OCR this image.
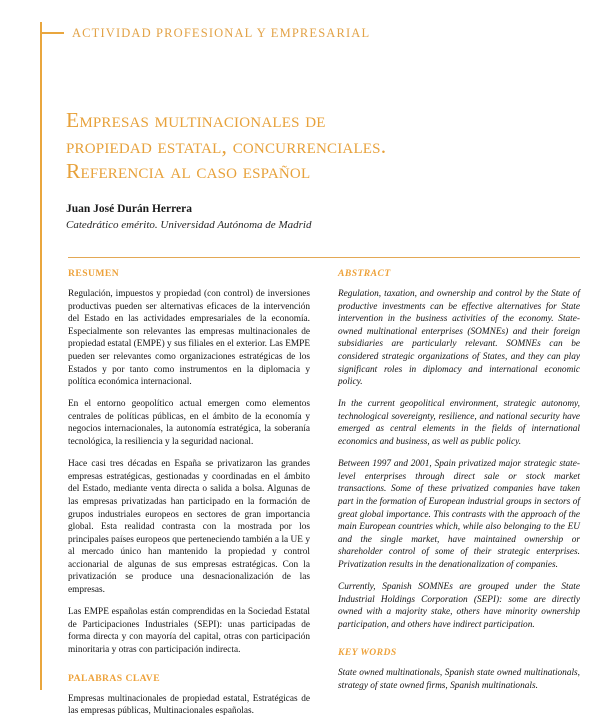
ACTIVIDAD PROFESIONAL Y EMPRESARIAL
Empresas multinacionales de
propiedad estatal, concurrenciales.
Referencia al caso español

Juan José Durán Herrera

Catedrático emérito. Universidad Autónoma de Madrid

RESUMEN

Regulación, impuestos y propiedad (con control) de inversiones productivas pueden ser alternativas eficaces de la intervención del Estado en las actividades empresariales de la economía. Especialmente son relevantes las empresas multinacionales de propiedad estatal (EMPE) y sus filiales en el exterior. Las EMPE pueden ser relevantes como organizaciones estratégicas de los Estados y por tanto como instrumentos en la diplomacia y política económica internacional.

En el entorno geopolítico actual emergen como elementos centrales de políticas públicas, en el ámbito de la economía y negocios internacionales, la autonomía estratégica, la soberanía tecnológica, la resiliencia y la seguridad nacional.

Hace casi tres décadas en España se privatizaron las grandes empresas estratégicas, gestionadas y coordinadas en el ámbito del Estado, mediante venta directa o salida a bolsa. Algunas de las empresas privatizadas han participado en la formación de grupos industriales europeos en sectores de gran importancia global. Esta realidad contrasta con la mostrada por los principales países europeos que perteneciendo también a la UE y al mercado único han mantenido la propiedad y control accionarial de algunas de sus empresas estratégicas. Con la privatización se produce una desnacionalización de las empresas.

Las EMPE españolas están comprendidas en la Sociedad Estatal de Participaciones Industriales (SEPI): unas participadas de forma directa y con mayoría del capital, otras con participación minoritaria y otras con participación indirecta.

PALABRAS CLAVE

Empresas multinacionales de propiedad estatal, Estratégicas de las empresas públicas, Multinacionales españolas.

ABSTRACT

Regulation, taxation, and ownership and control by the State of productive investments can be effective alternatives for State intervention in the business activities of the economy. State-owned multinational enterprises (SOMNEs) and their foreign subsidiaries are particularly relevant. SOMNEs can be considered strategic organizations of States, and they can play significant roles in diplomacy and international economic policy.

In the current geopolitical environment, strategic autonomy, technological sovereignty, resilience, and national security have emerged as central elements in the fields of international economics and business, as well as public policy.

Between 1997 and 2001, Spain privatized major strategic state-level enterprises through direct sale or stock market transactions. Some of these privatized companies have taken part in the formation of European industrial groups in sectors of great global importance. This contrasts with the approach of the main European countries which, while also belonging to the EU and the single market, have maintained ownership or shareholder control of some of their strategic enterprises. Privatization results in the denationalization of companies.

Currently, Spanish SOMNEs are grouped under the State Industrial Holdings Corporation (SEPI): some are directly owned with a majority stake, others have minority ownership participation, and others have indirect participation.

KEY WORDS

State owned multinationals, Spanish state owned multinationals, strategy of state owned firms, Spanish multinationals.
